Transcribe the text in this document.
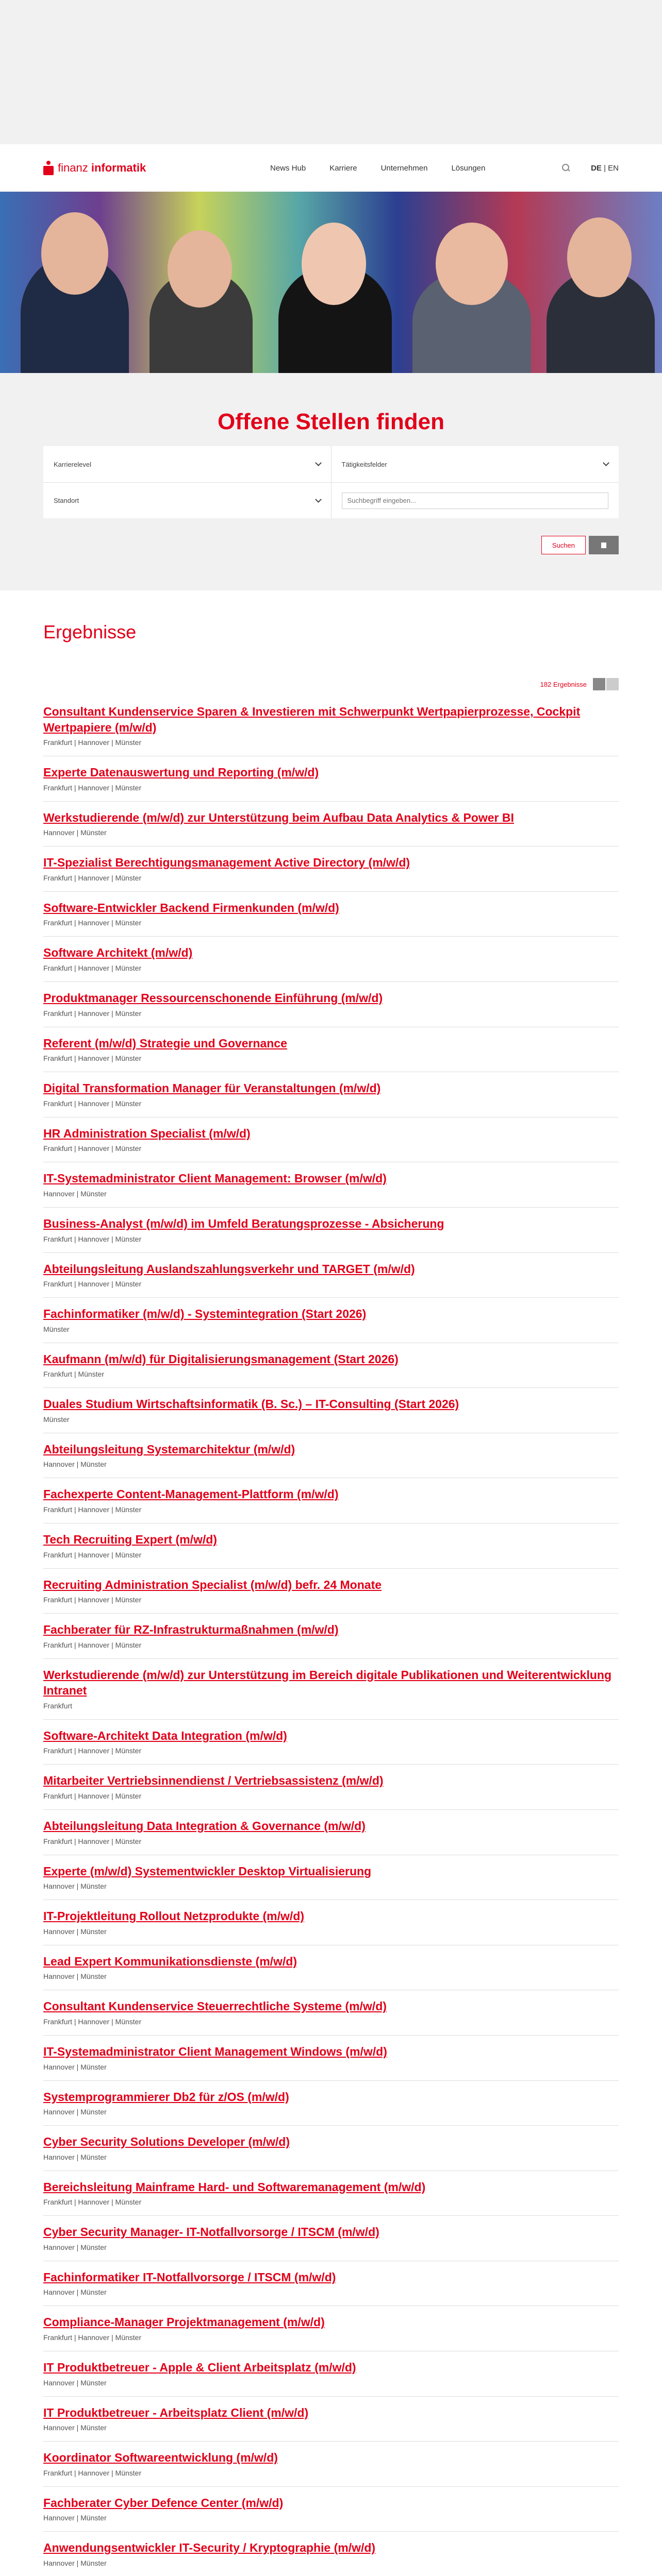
finanz informatik	News Hub	Karriere	Unternehmen	Lösungen	DE | EN
Offene Stellen finden
Karrierelevel	Tätigkeitsfelder
Standort
Suchbegriff eingeben...
Suchen
Ergebnisse
182 Ergebnisse
Consultant Kundenservice Sparen & Investieren mit Schwerpunkt Wertpapierprozesse, Cockpit Wertpapiere (m/w/d)
Frankfurt | Hannover | Münster
Experte Datenauswertung und Reporting (m/w/d)
Frankfurt | Hannover | Münster
Werkstudierende (m/w/d) zur Unterstützung beim Aufbau Data Analytics & Power BI
Hannover | Münster
IT-Spezialist Berechtigungsmanagement Active Directory (m/w/d)
Frankfurt | Hannover | Münster
Software-Entwickler Backend Firmenkunden (m/w/d)
Frankfurt | Hannover | Münster
Software Architekt (m/w/d)
Frankfurt | Hannover | Münster
Produktmanager Ressourcenschonende Einführung (m/w/d)
Frankfurt | Hannover | Münster
Referent (m/w/d) Strategie und Governance
Frankfurt | Hannover | Münster
Digital Transformation Manager für Veranstaltungen (m/w/d)
Frankfurt | Hannover | Münster
HR Administration Specialist (m/w/d)
Frankfurt | Hannover | Münster
IT-Systemadministrator Client Management: Browser (m/w/d)
Hannover | Münster
Business-Analyst (m/w/d) im Umfeld Beratungsprozesse - Absicherung
Frankfurt | Hannover | Münster
Abteilungsleitung Auslandszahlungsverkehr und TARGET (m/w/d)
Frankfurt | Hannover | Münster
Fachinformatiker (m/w/d) - Systemintegration (Start 2026)
Münster
Kaufmann (m/w/d) für Digitalisierungsmanagement (Start 2026)
Frankfurt | Münster
Duales Studium Wirtschaftsinformatik (B. Sc.) – IT-Consulting (Start 2026)
Münster
Abteilungsleitung Systemarchitektur (m/w/d)
Hannover | Münster
Fachexperte Content-Management-Plattform (m/w/d)
Frankfurt | Hannover | Münster
Tech Recruiting Expert (m/w/d)
Frankfurt | Hannover | Münster
Recruiting Administration Specialist (m/w/d) befr. 24 Monate
Frankfurt | Hannover | Münster
Fachberater für RZ-Infrastrukturmaßnahmen (m/w/d)
Frankfurt | Hannover | Münster
Werkstudierende (m/w/d) zur Unterstützung im Bereich digitale Publikationen und Weiterentwicklung Intranet
Frankfurt
Software-Architekt Data Integration (m/w/d)
Frankfurt | Hannover | Münster
Mitarbeiter Vertriebsinnendienst / Vertriebsassistenz (m/w/d)
Frankfurt | Hannover | Münster
Abteilungsleitung Data Integration & Governance (m/w/d)
Frankfurt | Hannover | Münster
Experte (m/w/d) Systementwickler Desktop Virtualisierung
Hannover | Münster
IT-Projektleitung Rollout Netzprodukte (m/w/d)
Hannover | Münster
Lead Expert Kommunikationsdienste (m/w/d)
Hannover | Münster
Consultant Kundenservice Steuerrechtliche Systeme (m/w/d)
Frankfurt | Hannover | Münster
IT-Systemadministrator Client Management Windows (m/w/d)
Hannover | Münster
Systemprogrammierer Db2 für z/OS (m/w/d)
Hannover | Münster
Cyber Security Solutions Developer (m/w/d)
Hannover | Münster
Bereichsleitung Mainframe Hard- und Softwaremanagement (m/w/d)
Frankfurt | Hannover | Münster
Cyber Security Manager- IT-Notfallvorsorge / ITSCM (m/w/d)
Hannover | Münster
Fachinformatiker IT-Notfallvorsorge / ITSCM (m/w/d)
Hannover | Münster
Compliance-Manager Projektmanagement (m/w/d)
Frankfurt | Hannover | Münster
IT Produktbetreuer - Apple & Client Arbeitsplatz (m/w/d)
Hannover | Münster
IT Produktbetreuer - Arbeitsplatz Client (m/w/d)
Hannover | Münster
Koordinator Softwareentwicklung (m/w/d)
Frankfurt | Hannover | Münster
Fachberater Cyber Defence Center (m/w/d)
Hannover | Münster
Anwendungsentwickler IT-Security / Kryptographie (m/w/d)
Hannover | Münster
